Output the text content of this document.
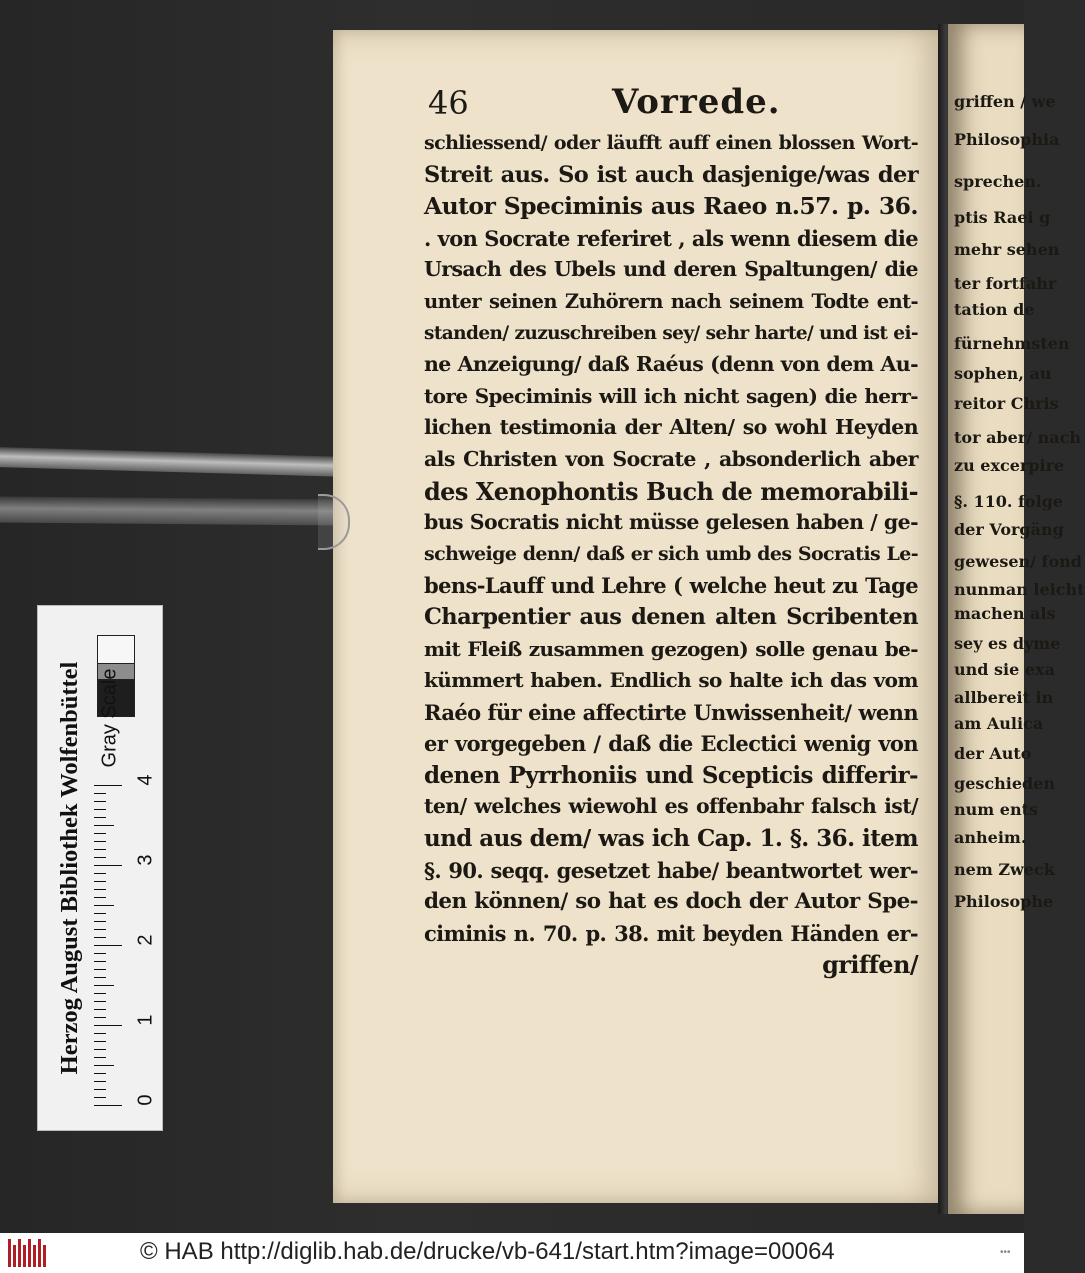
griffen / we
Philosophia
sprechen.
ptis Raei g
mehr sehen
ter fortfahr
tation de
fürnehmsten
sophen, au
reitor Chris
tor aber/ nach
zu excerpire
§. 110. folge
der Vorgäng
gewesen/ fond
nunman leicht
machen als
sey es dyme
und sie exa
allbereit in
am Aulica
der Auto
geschieden
num ents
anheim.
nem Zweck
Philosophe
46	Vorrede.
schliessend/ oder läufft auff einen blossen Wort-
Streit aus. So ist auch dasjenige/was der
Autor Speciminis aus Raeo n.57. p. 36.
. von Socrate referiret , als wenn diesem die
Ursach des Ubels und deren Spaltungen/ die
unter seinen Zuhörern nach seinem Todte ent-
standen/ zuzuschreiben sey/ sehr harte/ und ist ei-
ne Anzeigung/ daß Raéus (denn von dem Au-
tore Speciminis will ich nicht sagen) die herr-
lichen testimonia der Alten/ so wohl Heyden
als Christen von Socrate , absonderlich aber
des Xenophontis Buch de memorabili-
bus Socratis nicht müsse gelesen haben / ge-
schweige denn/ daß er sich umb des Socratis Le-
bens-Lauff und Lehre ( welche heut zu Tage
Charpentier aus denen alten Scribenten
mit Fleiß zusammen gezogen) solle genau be-
kümmert haben. Endlich so halte ich das vom
Raéo für eine affectirte Unwissenheit/ wenn
er vorgegeben / daß die Eclectici wenig von
denen Pyrrhoniis und Scepticis differir-
ten/ welches wiewohl es offenbahr falsch ist/
und aus dem/ was ich Cap. 1. §. 36. item
§. 90. seqq. gesetzet habe/ beantwortet wer-
den können/ so hat es doch der Autor Spe-
ciminis n. 70. p. 38. mit beyden Händen er-
griffen/
Herzog August Bibliothek Wolfenbüttel Gray Scale
0
1
2
3
4
© HAB http://diglib.hab.de/drucke/vb-641/start.htm?image=00064	•••
